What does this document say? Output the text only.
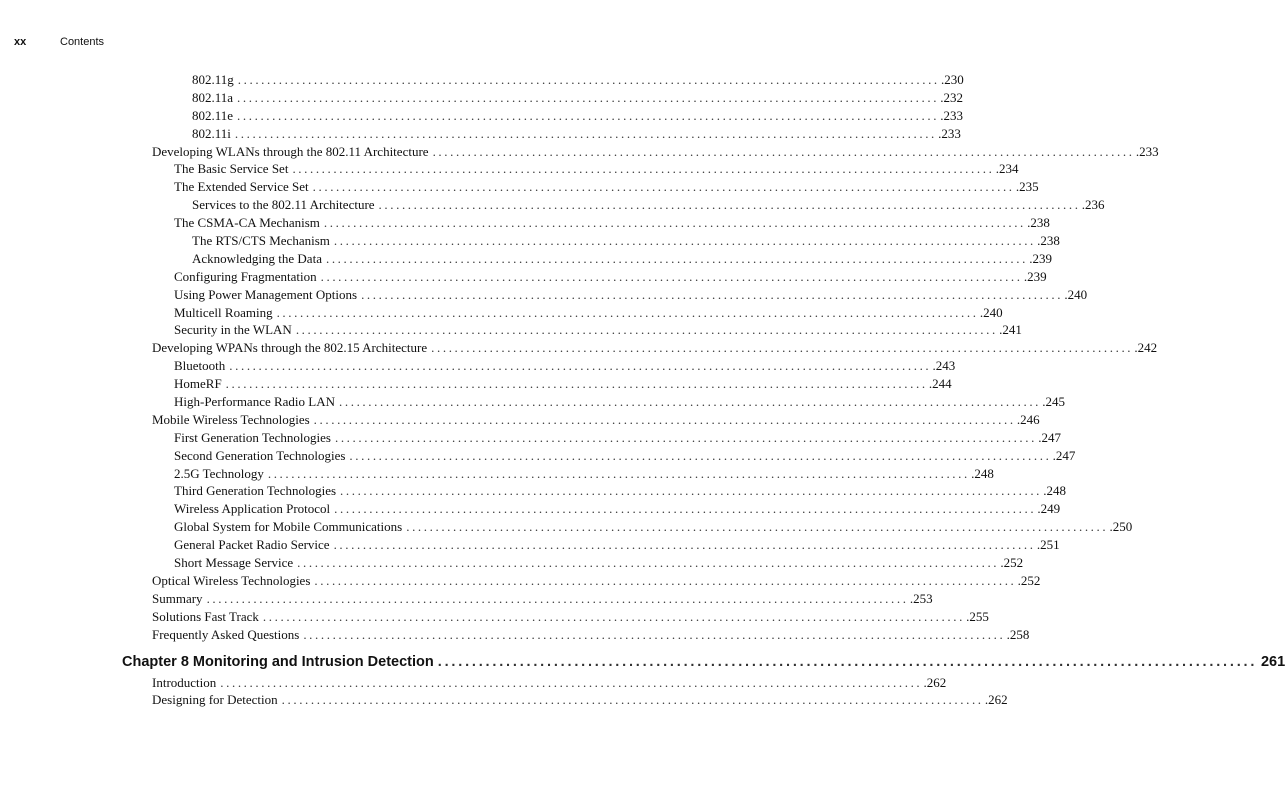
xx	Contents
802.11g ........................................................................................................................ .230
802.11a ........................................................................................................................ .232
802.11e ........................................................................................................................ .233
802.11i ........................................................................................................................ .233
Developing WLANs through the 802.11 Architecture ........................................................................................................................ .233
The Basic Service Set ........................................................................................................................ .234
The Extended Service Set ........................................................................................................................ .235
Services to the 802.11 Architecture ........................................................................................................................ .236
The CSMA-CA Mechanism ........................................................................................................................ .238
The RTS/CTS Mechanism ........................................................................................................................ .238
Acknowledging the Data ........................................................................................................................ .239
Configuring Fragmentation ........................................................................................................................ .239
Using Power Management Options ........................................................................................................................ .240
Multicell Roaming ........................................................................................................................ .240
Security in the WLAN ........................................................................................................................ .241
Developing WPANs through the 802.15 Architecture ........................................................................................................................ .242
Bluetooth ........................................................................................................................ .243
HomeRF ........................................................................................................................ .244
High-Performance Radio LAN ........................................................................................................................ .245
Mobile Wireless Technologies ........................................................................................................................ .246
First Generation Technologies ........................................................................................................................ .247
Second Generation Technologies ........................................................................................................................ .247
2.5G Technology ........................................................................................................................ .248
Third Generation Technologies ........................................................................................................................ .248
Wireless Application Protocol ........................................................................................................................ .249
Global System for Mobile Communications ........................................................................................................................ .250
General Packet Radio Service ........................................................................................................................ .251
Short Message Service ........................................................................................................................ .252
Optical Wireless Technologies ........................................................................................................................ .252
Summary ........................................................................................................................ .253
Solutions Fast Track ........................................................................................................................ .255
Frequently Asked Questions ........................................................................................................................ .258
Chapter 8 Monitoring and Intrusion Detection ........................................................................................................................ 261
Introduction ........................................................................................................................ .262
Designing for Detection ........................................................................................................................ .262
